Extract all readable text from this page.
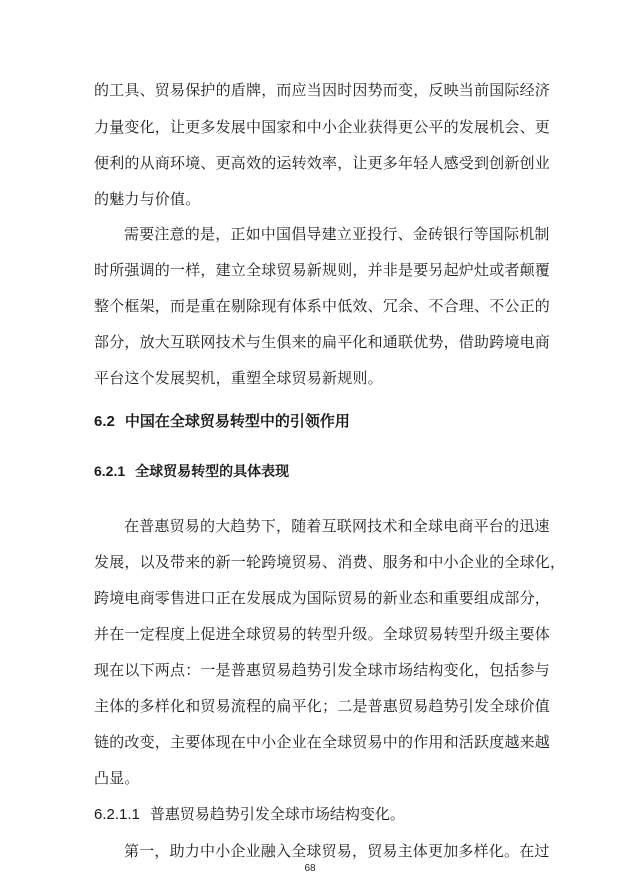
的工具、贸易保护的盾牌，而应当因时因势而变，反映当前国际经济
力量变化，让更多发展中国家和中小企业获得更公平的发展机会、更
便利的从商环境、更高效的运转效率，让更多年轻人感受到创新创业
的魅力与价值。
需要注意的是，正如中国倡导建立亚投行、金砖银行等国际机制
时所强调的一样，建立全球贸易新规则，并非是要另起炉灶或者颠覆
整个框架，而是重在剔除现有体系中低效、冗余、不合理、不公正的
部分，放大互联网技术与生俱来的扁平化和通联优势，借助跨境电商
平台这个发展契机，重塑全球贸易新规则。
6.2 中国在全球贸易转型中的引领作用
6.2.1 全球贸易转型的具体表现
在普惠贸易的大趋势下，随着互联网技术和全球电商平台的迅速
发展，以及带来的新一轮跨境贸易、消费、服务和中小企业的全球化，
跨境电商零售进口正在发展成为国际贸易的新业态和重要组成部分，
并在一定程度上促进全球贸易的转型升级。全球贸易转型升级主要体
现在以下两点：一是普惠贸易趋势引发全球市场结构变化，包括参与
主体的多样化和贸易流程的扁平化；二是普惠贸易趋势引发全球价值
链的改变，主要体现在中小企业在全球贸易中的作用和活跃度越来越
凸显。
6.2.1.1 普惠贸易趋势引发全球市场结构变化。
第一，助力中小企业融入全球贸易，贸易主体更加多样化。在过
68
